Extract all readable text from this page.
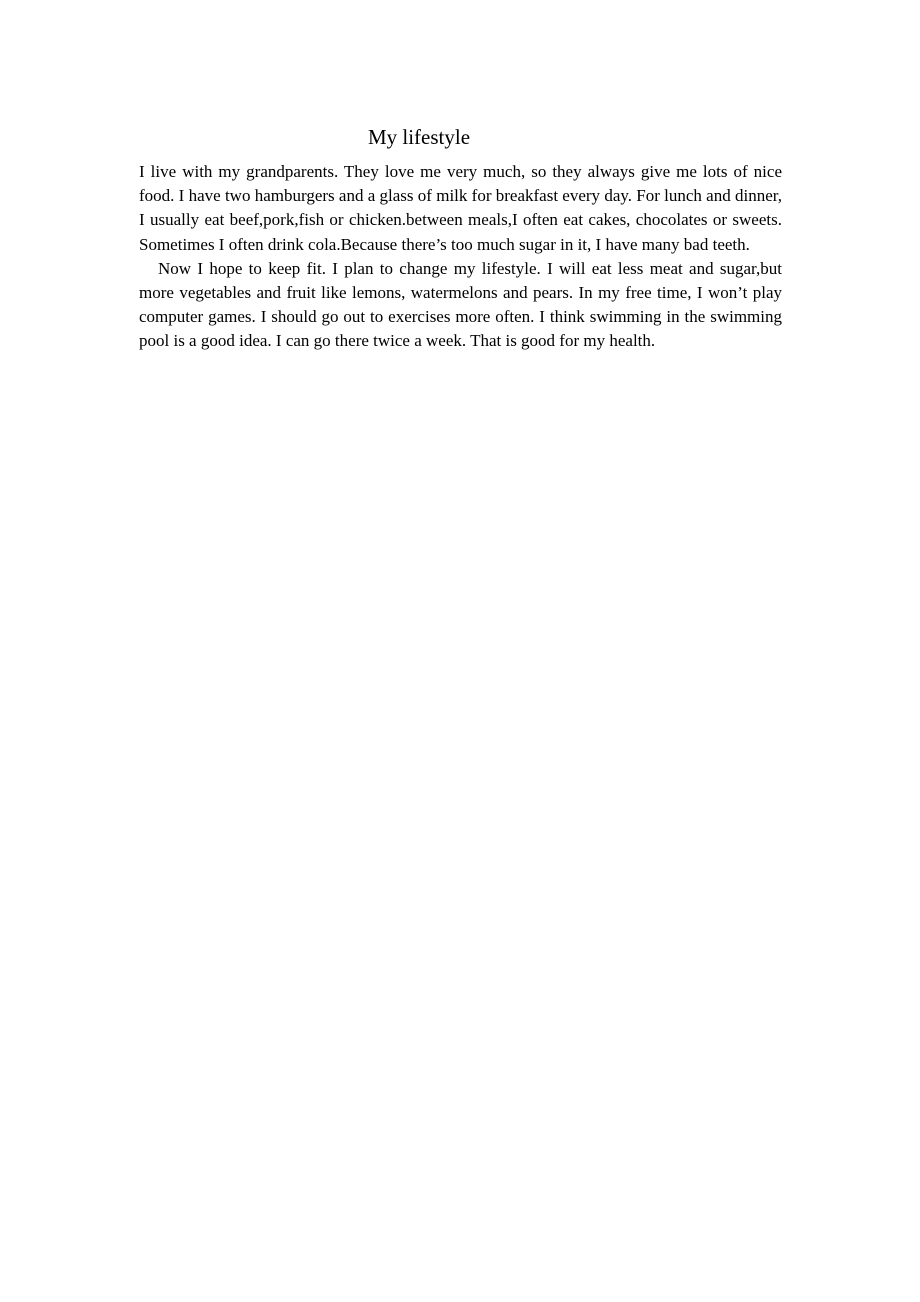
My lifestyle

I live with my grandparents. They love me very much, so they always give me lots of nice food. I have two hamburgers and a glass of milk for breakfast every day. For lunch and dinner, I usually eat beef,pork,fish or chicken.between meals,I often eat cakes, chocolates or sweets. Sometimes I often drink cola.Because there’s too much sugar in it, I have many bad teeth.

Now I hope to keep fit. I plan to change my lifestyle. I will eat less meat and sugar,but more vegetables and fruit like lemons, watermelons and pears. In my free time, I won’t play computer games. I should go out to exercises more often. I think swimming in the swimming pool is a good idea. I can go there twice a week. That is good for my health.
